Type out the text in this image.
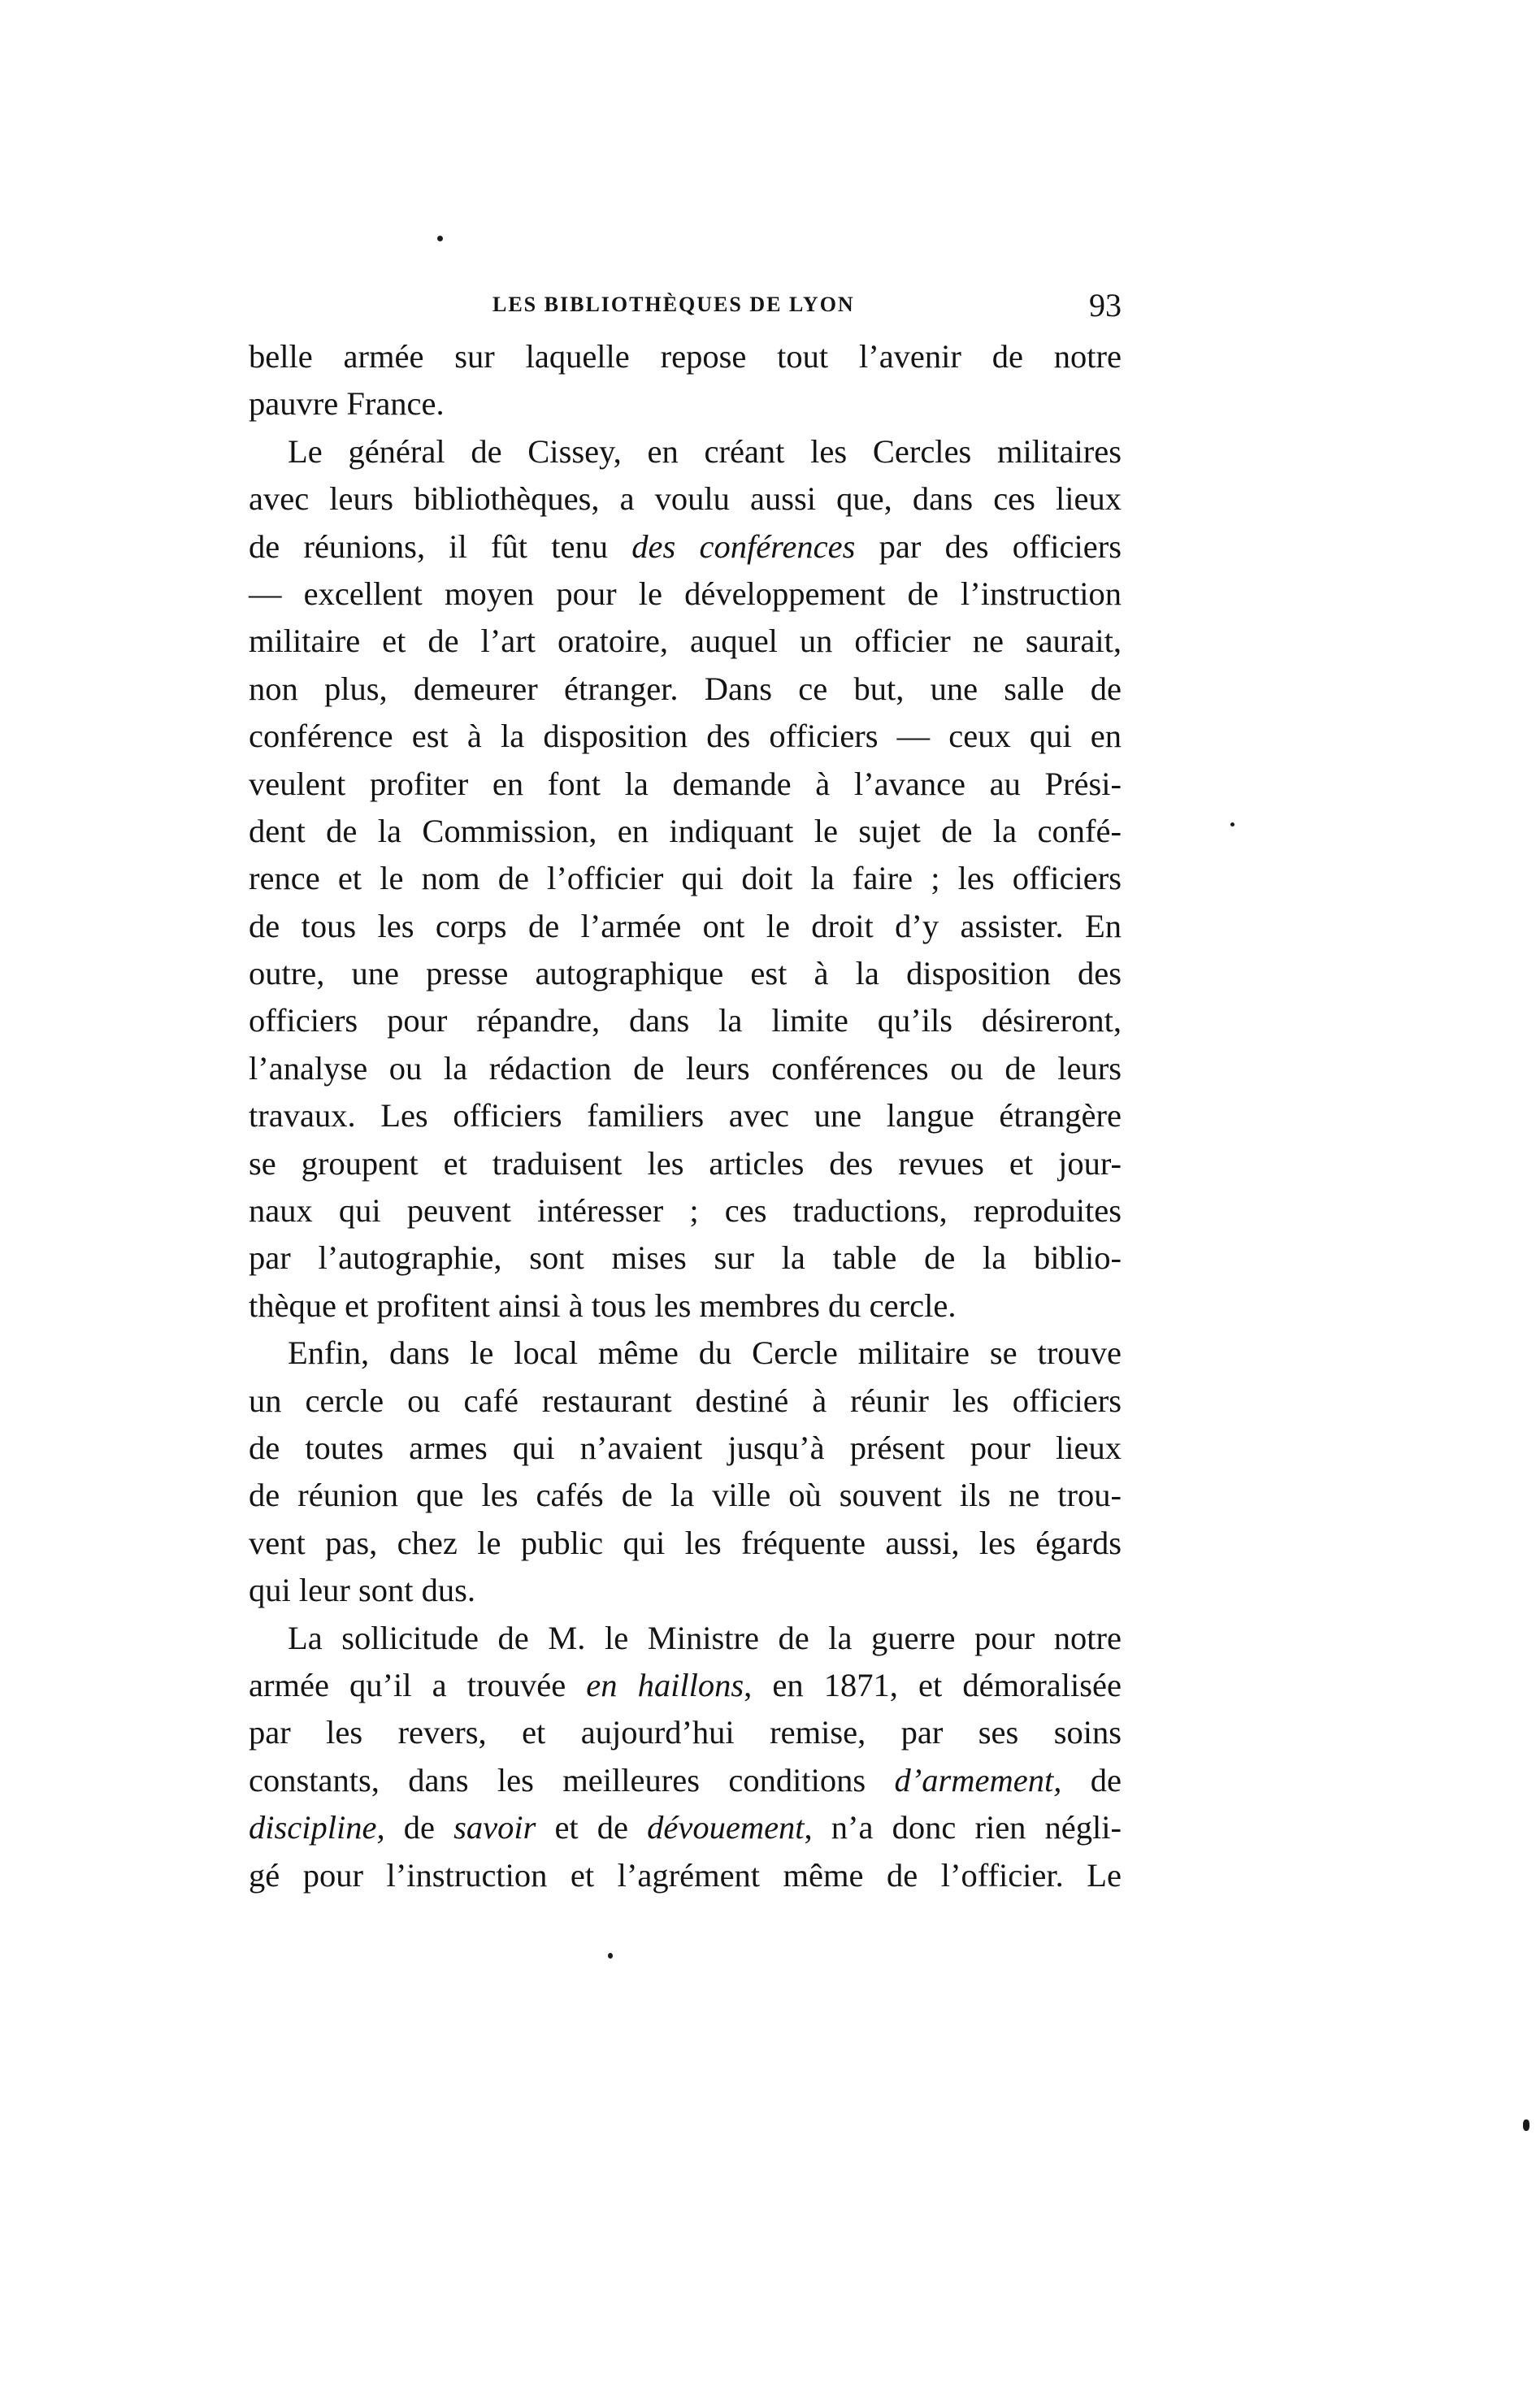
LES BIBLIOTHÈQUES DE LYON	93
belle armée sur laquelle repose tout l’avenir de notre
pauvre France.
Le général de Cissey, en créant les Cercles militaires
avec leurs bibliothèques, a voulu aussi que, dans ces lieux
de réunions, il fût tenu des conférences par des officiers
— excellent moyen pour le développement de l’instruction
militaire et de l’art oratoire, auquel un officier ne saurait,
non plus, demeurer étranger. Dans ce but, une salle de
conférence est à la disposition des officiers — ceux qui en
veulent profiter en font la demande à l’avance au Prési-
dent de la Commission, en indiquant le sujet de la confé-
rence et le nom de l’officier qui doit la faire ; les officiers
de tous les corps de l’armée ont le droit d’y assister. En
outre, une presse autographique est à la disposition des
officiers pour répandre, dans la limite qu’ils désireront,
l’analyse ou la rédaction de leurs conférences ou de leurs
travaux. Les officiers familiers avec une langue étrangère
se groupent et traduisent les articles des revues et jour-
naux qui peuvent intéresser ; ces traductions, reproduites
par l’autographie, sont mises sur la table de la biblio-
thèque et profitent ainsi à tous les membres du cercle.
Enfin, dans le local même du Cercle militaire se trouve
un cercle ou café restaurant destiné à réunir les officiers
de toutes armes qui n’avaient jusqu’à présent pour lieux
de réunion que les cafés de la ville où souvent ils ne trou-
vent pas, chez le public qui les fréquente aussi, les égards
qui leur sont dus.
La sollicitude de M. le Ministre de la guerre pour notre
armée qu’il a trouvée en haillons, en 1871, et démoralisée
par les revers, et aujourd’hui remise, par ses soins
constants, dans les meilleures conditions d’armement, de
discipline, de savoir et de dévouement, n’a donc rien négli-
gé pour l’instruction et l’agrément même de l’officier. Le
